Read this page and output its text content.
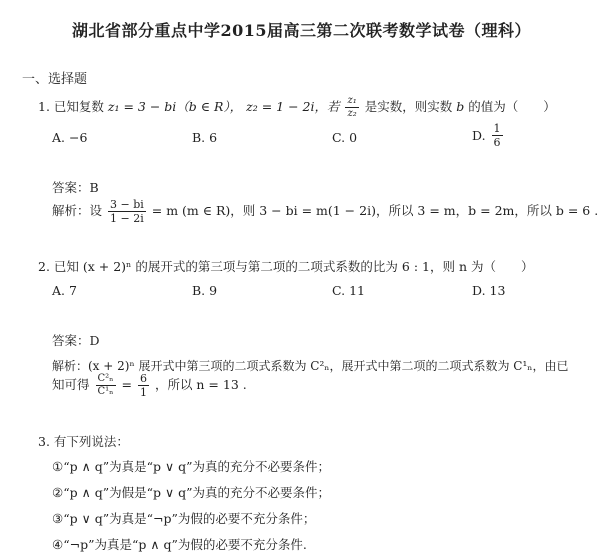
湖北省部分重点中学2015届高三第二次联考数学试卷（理科）
一、选择题
1. 已知复数 z₁ = 3 − bi（b ∈ R）， z₂ = 1 − 2i，若 $\frac{\text{z₁}}{\text{z₂}}$ 是实数，则实数 b 的值为（　　）
A. −6	B. 6	C. 0	D. $\frac{1}{6}$
答案：B
解析：设 $\frac{3 - bi}{1 - 2i} = m$ (m ∈ R)，则 3 − bi = m(1 − 2i)，所以 3 = m，b = 2m，所以 b = 6 .
2. 已知 (x + 2)ⁿ 的展开式的第三项与第二项的二项式系数的比为 6 : 1，则 n 为（　　）
A. 7	B. 9	C. 11	D. 13
答案：D
解析：(x + 2)ⁿ 展开式中第三项的二项式系数为 C²ₙ，展开式中第二项的二项式系数为 C¹ₙ，由已
知可得 $\frac{\text{C²ₙ}}{\text{C¹ₙ}} = \frac{6}{1}$ ，所以 n = 13 .
3. 有下列说法：
①“p ∧ q”为真是“p ∨ q”为真的充分不必要条件；
②“p ∧ q”为假是“p ∨ q”为真的充分不必要条件；
③“p ∨ q”为真是“¬p”为假的必要不充分条件；
④“¬p”为真是“p ∧ q”为假的必要不充分条件.
